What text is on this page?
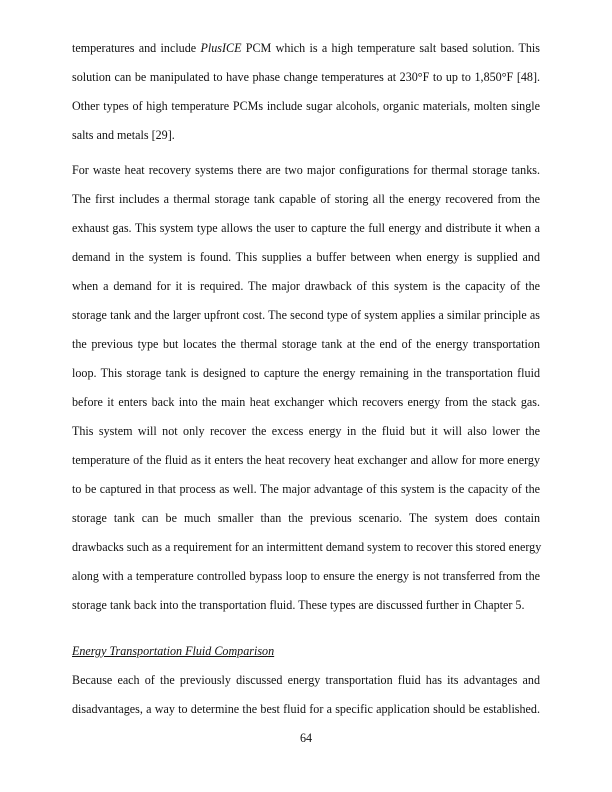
temperatures and include PlusICE PCM which is a high temperature salt based solution. This
solution can be manipulated to have phase change temperatures at 230°F to up to 1,850°F [48].
Other types of high temperature PCMs include sugar alcohols, organic materials, molten single
salts and metals [29].
For waste heat recovery systems there are two major configurations for thermal storage tanks.
The first includes a thermal storage tank capable of storing all the energy recovered from the
exhaust gas. This system type allows the user to capture the full energy and distribute it when a
demand in the system is found. This supplies a buffer between when energy is supplied and
when a demand for it is required. The major drawback of this system is the capacity of the
storage tank and the larger upfront cost. The second type of system applies a similar principle as
the previous type but locates the thermal storage tank at the end of the energy transportation
loop. This storage tank is designed to capture the energy remaining in the transportation fluid
before it enters back into the main heat exchanger which recovers energy from the stack gas.
This system will not only recover the excess energy in the fluid but it will also lower the
temperature of the fluid as it enters the heat recovery heat exchanger and allow for more energy
to be captured in that process as well. The major advantage of this system is the capacity of the
storage tank can be much smaller than the previous scenario. The system does contain
drawbacks such as a requirement for an intermittent demand system to recover this stored energy
along with a temperature controlled bypass loop to ensure the energy is not transferred from the
storage tank back into the transportation fluid. These types are discussed further in Chapter 5.
Energy Transportation Fluid Comparison
Because each of the previously discussed energy transportation fluid has its advantages and
disadvantages, a way to determine the best fluid for a specific application should be established.
64
